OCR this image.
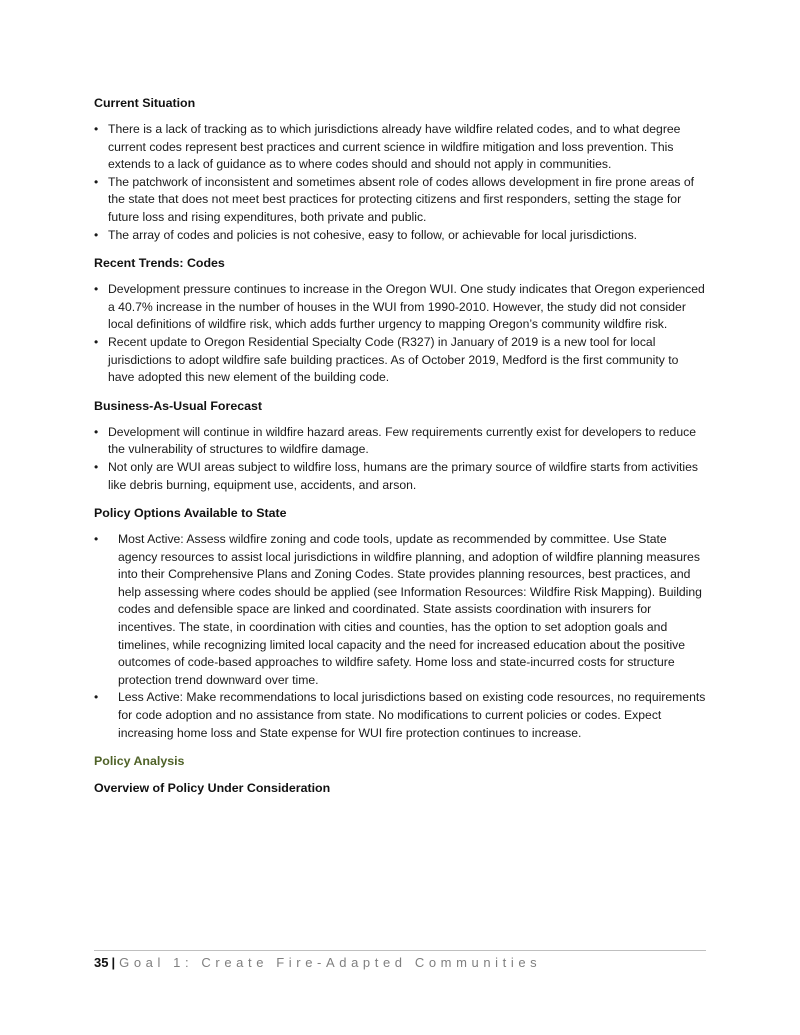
Current Situation
• There is a lack of tracking as to which jurisdictions already have wildfire related codes, and to what degree current codes represent best practices and current science in wildfire mitigation and loss prevention. This extends to a lack of guidance as to where codes should and should not apply in communities.
• The patchwork of inconsistent and sometimes absent role of codes allows development in fire prone areas of the state that does not meet best practices for protecting citizens and first responders, setting the stage for future loss and rising expenditures, both private and public.
• The array of codes and policies is not cohesive, easy to follow, or achievable for local jurisdictions.
Recent Trends: Codes
• Development pressure continues to increase in the Oregon WUI. One study indicates that Oregon experienced a 40.7% increase in the number of houses in the WUI from 1990-2010. However, the study did not consider local definitions of wildfire risk, which adds further urgency to mapping Oregon’s community wildfire risk.
• Recent update to Oregon Residential Specialty Code (R327) in January of 2019 is a new tool for local jurisdictions to adopt wildfire safe building practices. As of October 2019, Medford is the first community to have adopted this new element of the building code.
Business-As-Usual Forecast
• Development will continue in wildfire hazard areas. Few requirements currently exist for developers to reduce the vulnerability of structures to wildfire damage.
• Not only are WUI areas subject to wildfire loss, humans are the primary source of wildfire starts from activities like debris burning, equipment use, accidents, and arson.
Policy Options Available to State
• Most Active: Assess wildfire zoning and code tools, update as recommended by committee. Use State agency resources to assist local jurisdictions in wildfire planning, and adoption of wildfire planning measures into their Comprehensive Plans and Zoning Codes. State provides planning resources, best practices, and help assessing where codes should be applied (see Information Resources: Wildfire Risk Mapping). Building codes and defensible space are linked and coordinated. State assists coordination with insurers for incentives. The state, in coordination with cities and counties, has the option to set adoption goals and timelines, while recognizing limited local capacity and the need for increased education about the positive outcomes of code-based approaches to wildfire safety. Home loss and state-incurred costs for structure protection trend downward over time.
• Less Active: Make recommendations to local jurisdictions based on existing code resources, no requirements for code adoption and no assistance from state. No modifications to current policies or codes. Expect increasing home loss and State expense for WUI fire protection continues to increase.
Policy Analysis
Overview of Policy Under Consideration
35 | Goal 1: Create Fire-Adapted Communities
